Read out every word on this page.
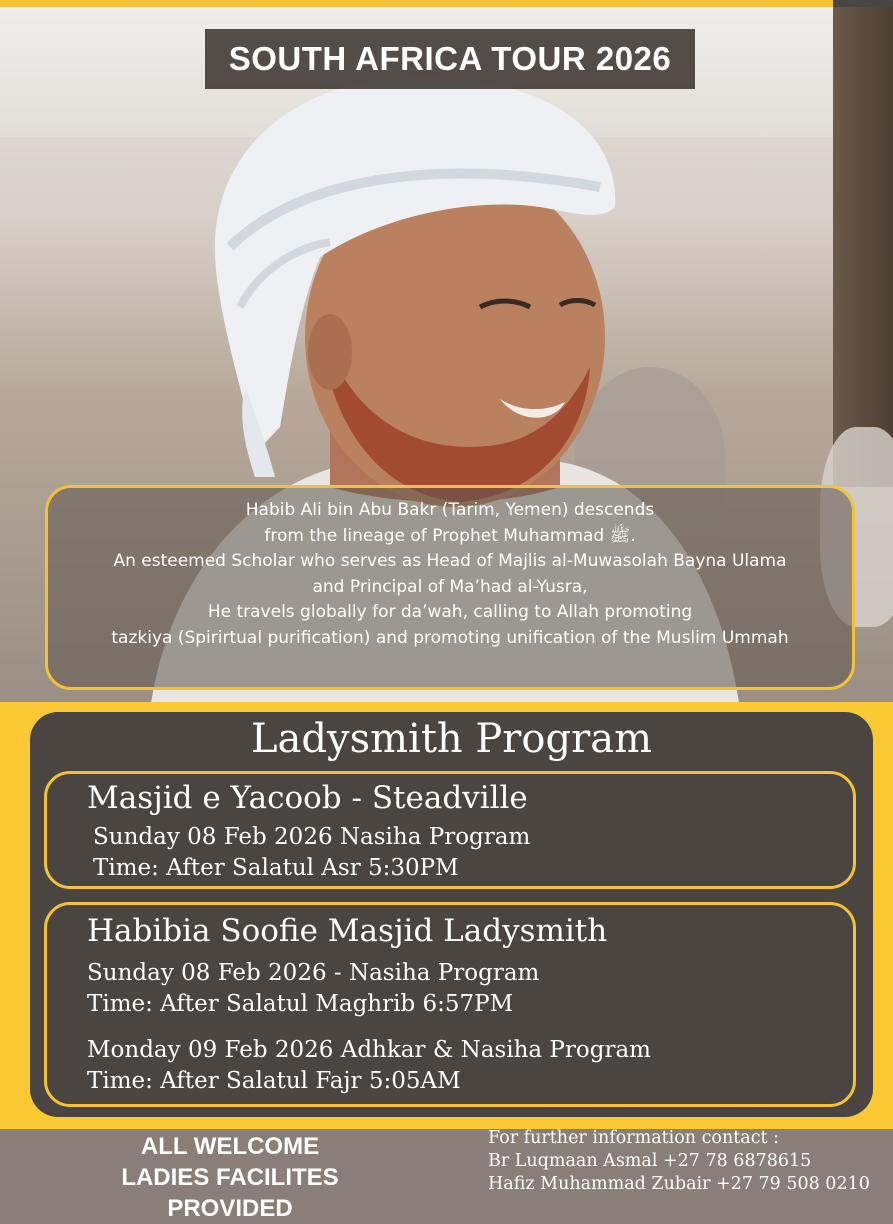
SOUTH AFRICA TOUR 2026
Habib Ali bin Abu Bakr (Tarim, Yemen) descends
from the lineage of Prophet Muhammad ﷺ.
An esteemed Scholar who serves as Head of Majlis al-Muwasolah Bayna Ulama
and Principal of Ma’had al-Yusra,
He travels globally for da’wah, calling to Allah promoting
tazkiya (Spirirtual purification) and promoting unification of the Muslim Ummah
Ladysmith Program
Masjid e Yacoob - Steadville
Sunday 08 Feb 2026 Nasiha Program
Time: After Salatul Asr 5:30PM
Habibia Soofie Masjid Ladysmith
Sunday 08 Feb 2026 - Nasiha Program
Time: After Salatul Maghrib 6:57PM
Monday 09 Feb 2026 Adhkar & Nasiha Program
Time: After Salatul Fajr 5:05AM
ALL WELCOME
LADIES FACILITES PROVIDED
For further information contact :
Br Luqmaan Asmal +27 78 6878615
Hafiz Muhammad Zubair +27 79 508 0210
